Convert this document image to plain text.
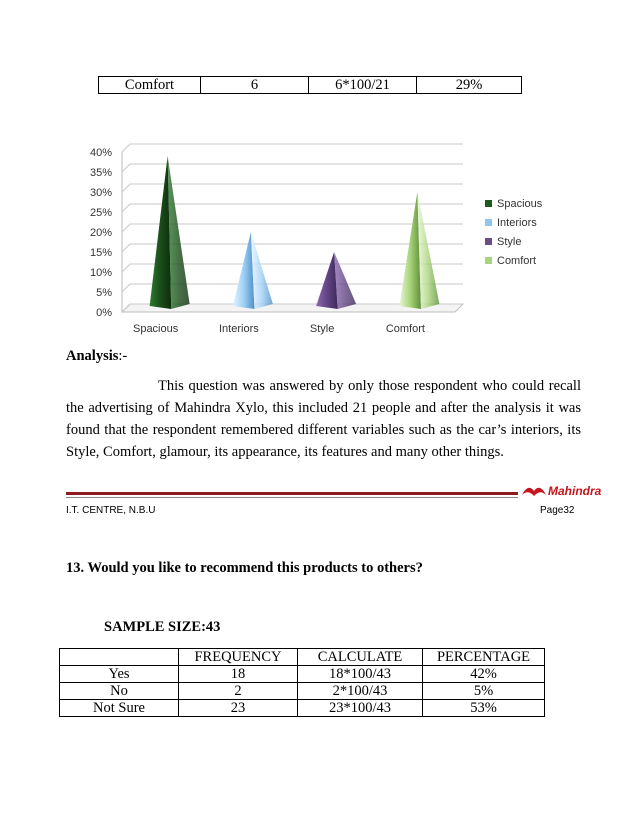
Comfort	6	6*100/21	29%
0%
5%
10%
15%
20%
25%
30%
35%
40%
Spacious	Interiors	Style	Comfort
Spacious
Interiors
Style
Comfort
Analysis:-
This question was answered by only those respondent who could recall the advertising of Mahindra Xylo, this included 21 people and after the analysis it was found that the respondent remembered different variables such as the car’s interiors, its Style, Comfort, glamour, its appearance, its features and many other things.
Mahindra
I.T. CENTRE, N.B.U	Page32
13. Would you like to recommend this products to others?
SAMPLE SIZE:43
	FREQUENCY	CALCULATE	PERCENTAGE
Yes	18	18*100/43	42%
No	2	2*100/43	5%
Not Sure	23	23*100/43	53%
